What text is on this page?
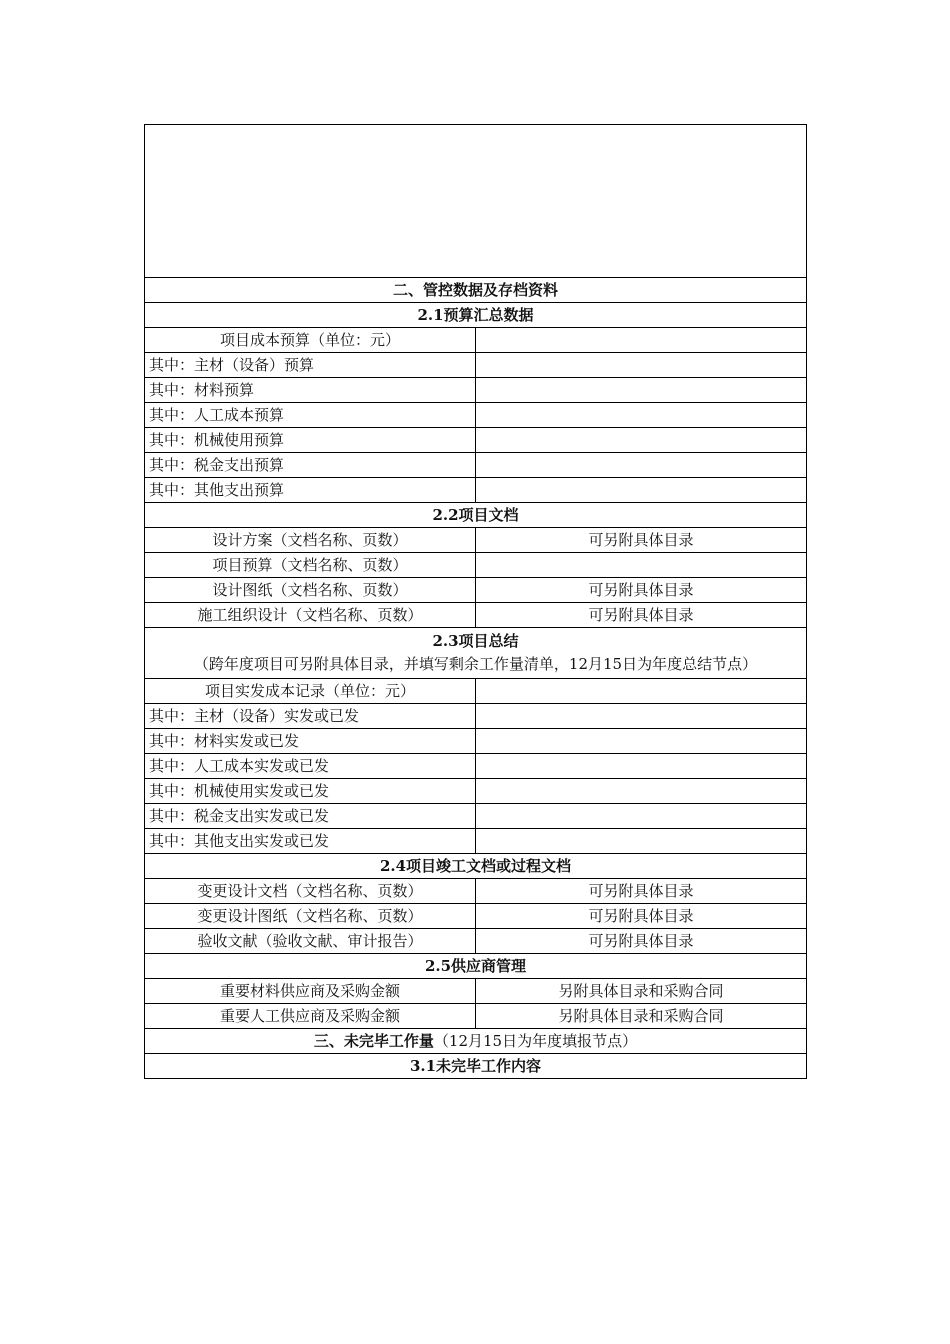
二、管控数据及存档资料	
2.1预算汇总数据	
项目成本预算（单位：元）	
其中：主材（设备）预算	
其中：材料预算	
其中：人工成本预算	
其中：机械使用预算	
其中：税金支出预算	
其中：其他支出预算	
2.2项目文档	
设计方案（文档名称、页数）	可另附具体目录
项目预算（文档名称、页数）	
设计图纸（文档名称、页数）	可另附具体目录
施工组织设计（文档名称、页数）	可另附具体目录

2.3项目总结
（跨年度项目可另附具体目录，并填写剩余工作量清单，12月15日为年度总结节点）	

项目实发成本记录（单位：元）	
其中：主材（设备）实发或已发	
其中：材料实发或已发	
其中：人工成本实发或已发	
其中：机械使用实发或已发	
其中：税金支出实发或已发	
其中：其他支出实发或已发	
2.4项目竣工文档或过程文档	
变更设计文档（文档名称、页数）	可另附具体目录
变更设计图纸（文档名称、页数）	可另附具体目录
验收文献（验收文献、审计报告）	可另附具体目录
2.5供应商管理	
重要材料供应商及采购金额	另附具体目录和采购合同
重要人工供应商及采购金额	另附具体目录和采购合同
三、未完毕工作量（12月15日为年度填报节点）	
3.1未完毕工作内容	
